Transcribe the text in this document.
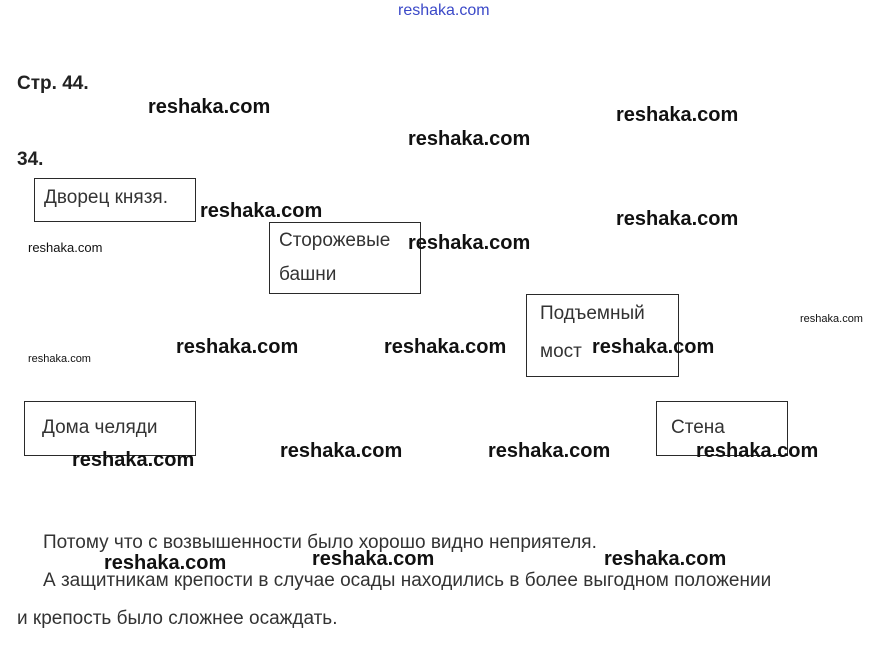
reshaka.com
Стр. 44.
34.
Дворец князя.
Сторожевые
башни
Подъемный
мост
Дома челяди	Стена
Потому что с возвышенности было хорошо видно неприятеля.
А защитникам крепости в случае осады находились в более выгодном положении
и крепость было сложнее осаждать.
reshaka.com	reshaka.com
reshaka.com
reshaka.com	reshaka.com
reshaka.com
reshaka.com
reshaka.com
reshaka.com	reshaka.com	reshaka.com
reshaka.com
reshaka.com	reshaka.com	reshaka.com
reshaka.com
reshaka.com	reshaka.com
reshaka.com
